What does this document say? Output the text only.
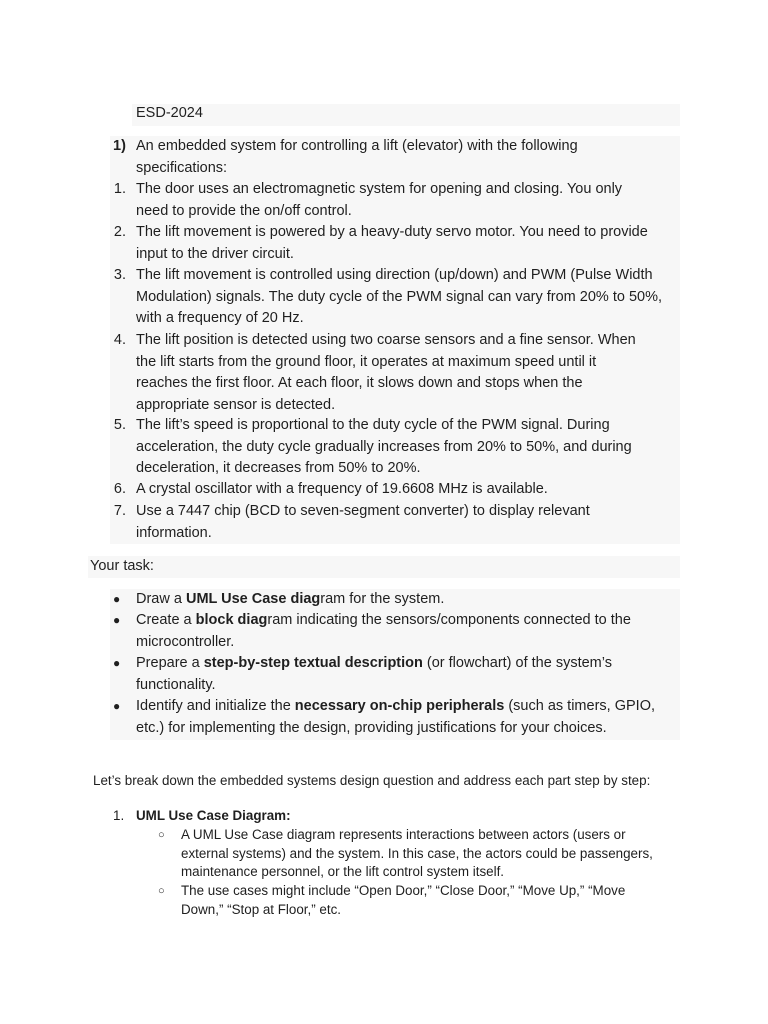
ESD-2024
1) An embedded system for controlling a lift (elevator) with the following
specifications:
1. The door uses an electromagnetic system for opening and closing. You only
need to provide the on/off control.
2. The lift movement is powered by a heavy-duty servo motor. You need to provide
input to the driver circuit.
3. The lift movement is controlled using direction (up/down) and PWM (Pulse Width
Modulation) signals. The duty cycle of the PWM signal can vary from 20% to 50%,
with a frequency of 20 Hz.
4. The lift position is detected using two coarse sensors and a fine sensor. When
the lift starts from the ground floor, it operates at maximum speed until it
reaches the first floor. At each floor, it slows down and stops when the
appropriate sensor is detected.
5. The lift’s speed is proportional to the duty cycle of the PWM signal. During
acceleration, the duty cycle gradually increases from 20% to 50%, and during
deceleration, it decreases from 50% to 20%.
6. A crystal oscillator with a frequency of 19.6608 MHz is available.
7. Use a 7447 chip (BCD to seven-segment converter) to display relevant
information.
Your task:
● Draw a UML Use Case diagram for the system.
● Create a block diagram indicating the sensors/components connected to the
microcontroller.
● Prepare a step-by-step textual description (or flowchart) of the system’s
functionality.
● Identify and initialize the necessary on-chip peripherals (such as timers, GPIO,
etc.) for implementing the design, providing justifications for your choices.
Let’s break down the embedded systems design question and address each part step by step:
1. UML Use Case Diagram:
○ A UML Use Case diagram represents interactions between actors (users or
external systems) and the system. In this case, the actors could be passengers,
maintenance personnel, or the lift control system itself.
○ The use cases might include “Open Door,” “Close Door,” “Move Up,” “Move
Down,” “Stop at Floor,” etc.
